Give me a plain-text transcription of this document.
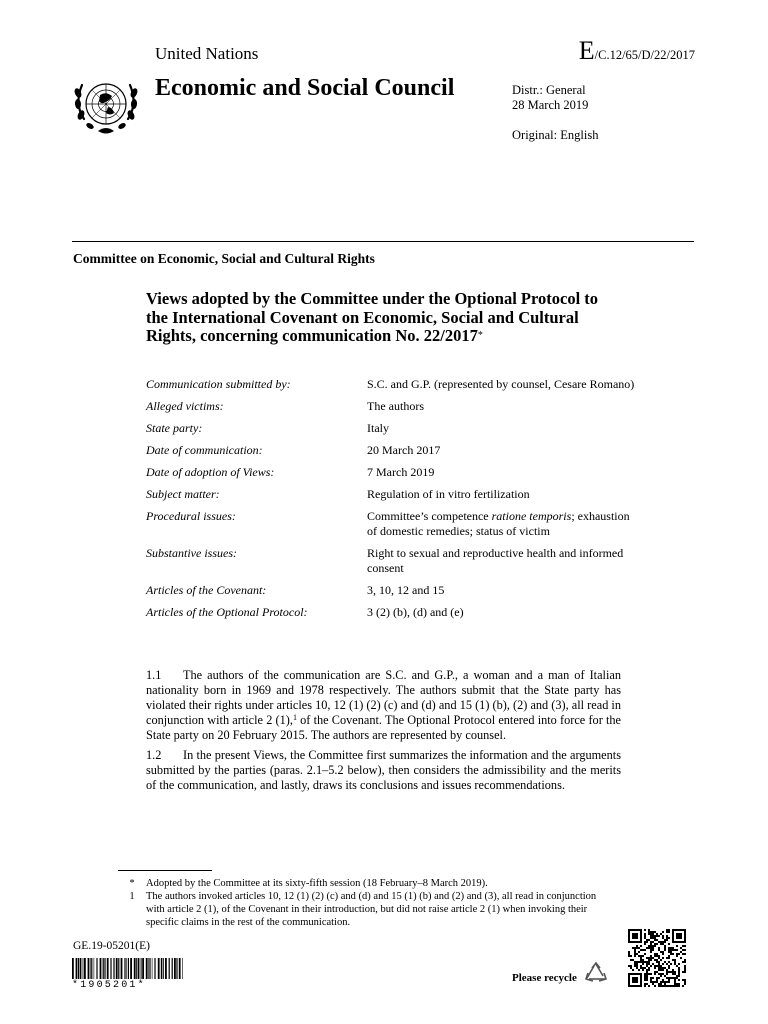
United Nations	E/C.12/65/D/22/2017
Economic and Social Council	Distr.: General
28 March 2019
Original: English
Committee on Economic, Social and Cultural Rights
Views adopted by the Committee under the Optional Protocol to the International Covenant on Economic, Social and Cultural Rights, concerning communication No. 22/2017*
Communication submitted by:	S.C. and G.P. (represented by counsel, Cesare Romano)
Alleged victims:	The authors
State party:	Italy
Date of communication:	20 March 2017
Date of adoption of Views:	7 March 2019
Subject matter:	Regulation of in vitro fertilization
Procedural issues:	Committee’s competence ratione temporis; exhaustion of domestic remedies; status of victim
Substantive issues:	Right to sexual and reproductive health and informed consent
Articles of the Covenant:	3, 10, 12 and 15
Articles of the Optional Protocol:	3 (2) (b), (d) and (e)
1.1 The authors of the communication are S.C. and G.P., a woman and a man of Italian nationality born in 1969 and 1978 respectively. The authors submit that the State party has violated their rights under articles 10, 12 (1) (2) (c) and (d) and 15 (1) (b), (2) and (3), all read in conjunction with article 2 (1),$^1$ of the Covenant. The Optional Protocol entered into force for the State party on 20 February 2015. The authors are represented by counsel.
1.2 In the present Views, the Committee first summarizes the information and the arguments submitted by the parties (paras. 2.1–5.2 below), then considers the admissibility and the merits of the communication, and lastly, draws its conclusions and issues recommendations.
*	Adopted by the Committee at its sixty-fifth session (18 February–8 March 2019).
1	The authors invoked articles 10, 12 (1) (2) (c) and (d) and 15 (1) (b) and (2) and (3), all read in conjunction with article 2 (1), of the Covenant in their introduction, but did not raise article 2 (1) when invoking their specific claims in the rest of the communication.
GE.19-05201(E)
*1905201*
Please recycle
